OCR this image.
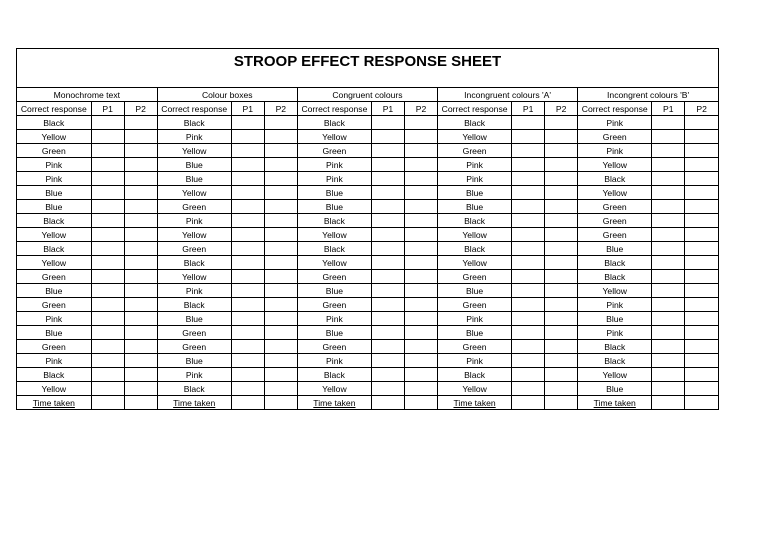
STROOP EFFECT RESPONSE SHEET
Monochrome text			Colour boxes			Congruent colours			Incongruent colours 'A'			Incongrent colours 'B'		
Correct response	P1	P2	Correct response	P1	P2	Correct response	P1	P2	Correct response	P1	P2	Correct response	P1	P2
Black			Black			Black			Black			Pink		
Yellow			Pink			Yellow			Yellow			Green		
Green			Yellow			Green			Green			Pink		
Pink			Blue			Pink			Pink			Yellow		
Pink			Blue			Pink			Pink			Black		
Blue			Yellow			Blue			Blue			Yellow		
Blue			Green			Blue			Blue			Green		
Black			Pink			Black			Black			Green		
Yellow			Yellow			Yellow			Yellow			Green		
Black			Green			Black			Black			Blue		
Yellow			Black			Yellow			Yellow			Black		
Green			Yellow			Green			Green			Black		
Blue			Pink			Blue			Blue			Yellow		
Green			Black			Green			Green			Pink		
Pink			Blue			Pink			Pink			Blue		
Blue			Green			Blue			Blue			Pink		
Green			Green			Green			Green			Black		
Pink			Blue			Pink			Pink			Black		
Black			Pink			Black			Black			Yellow		
Yellow			Black			Yellow			Yellow			Blue		
Time taken			Time taken			Time taken			Time taken			Time taken		
